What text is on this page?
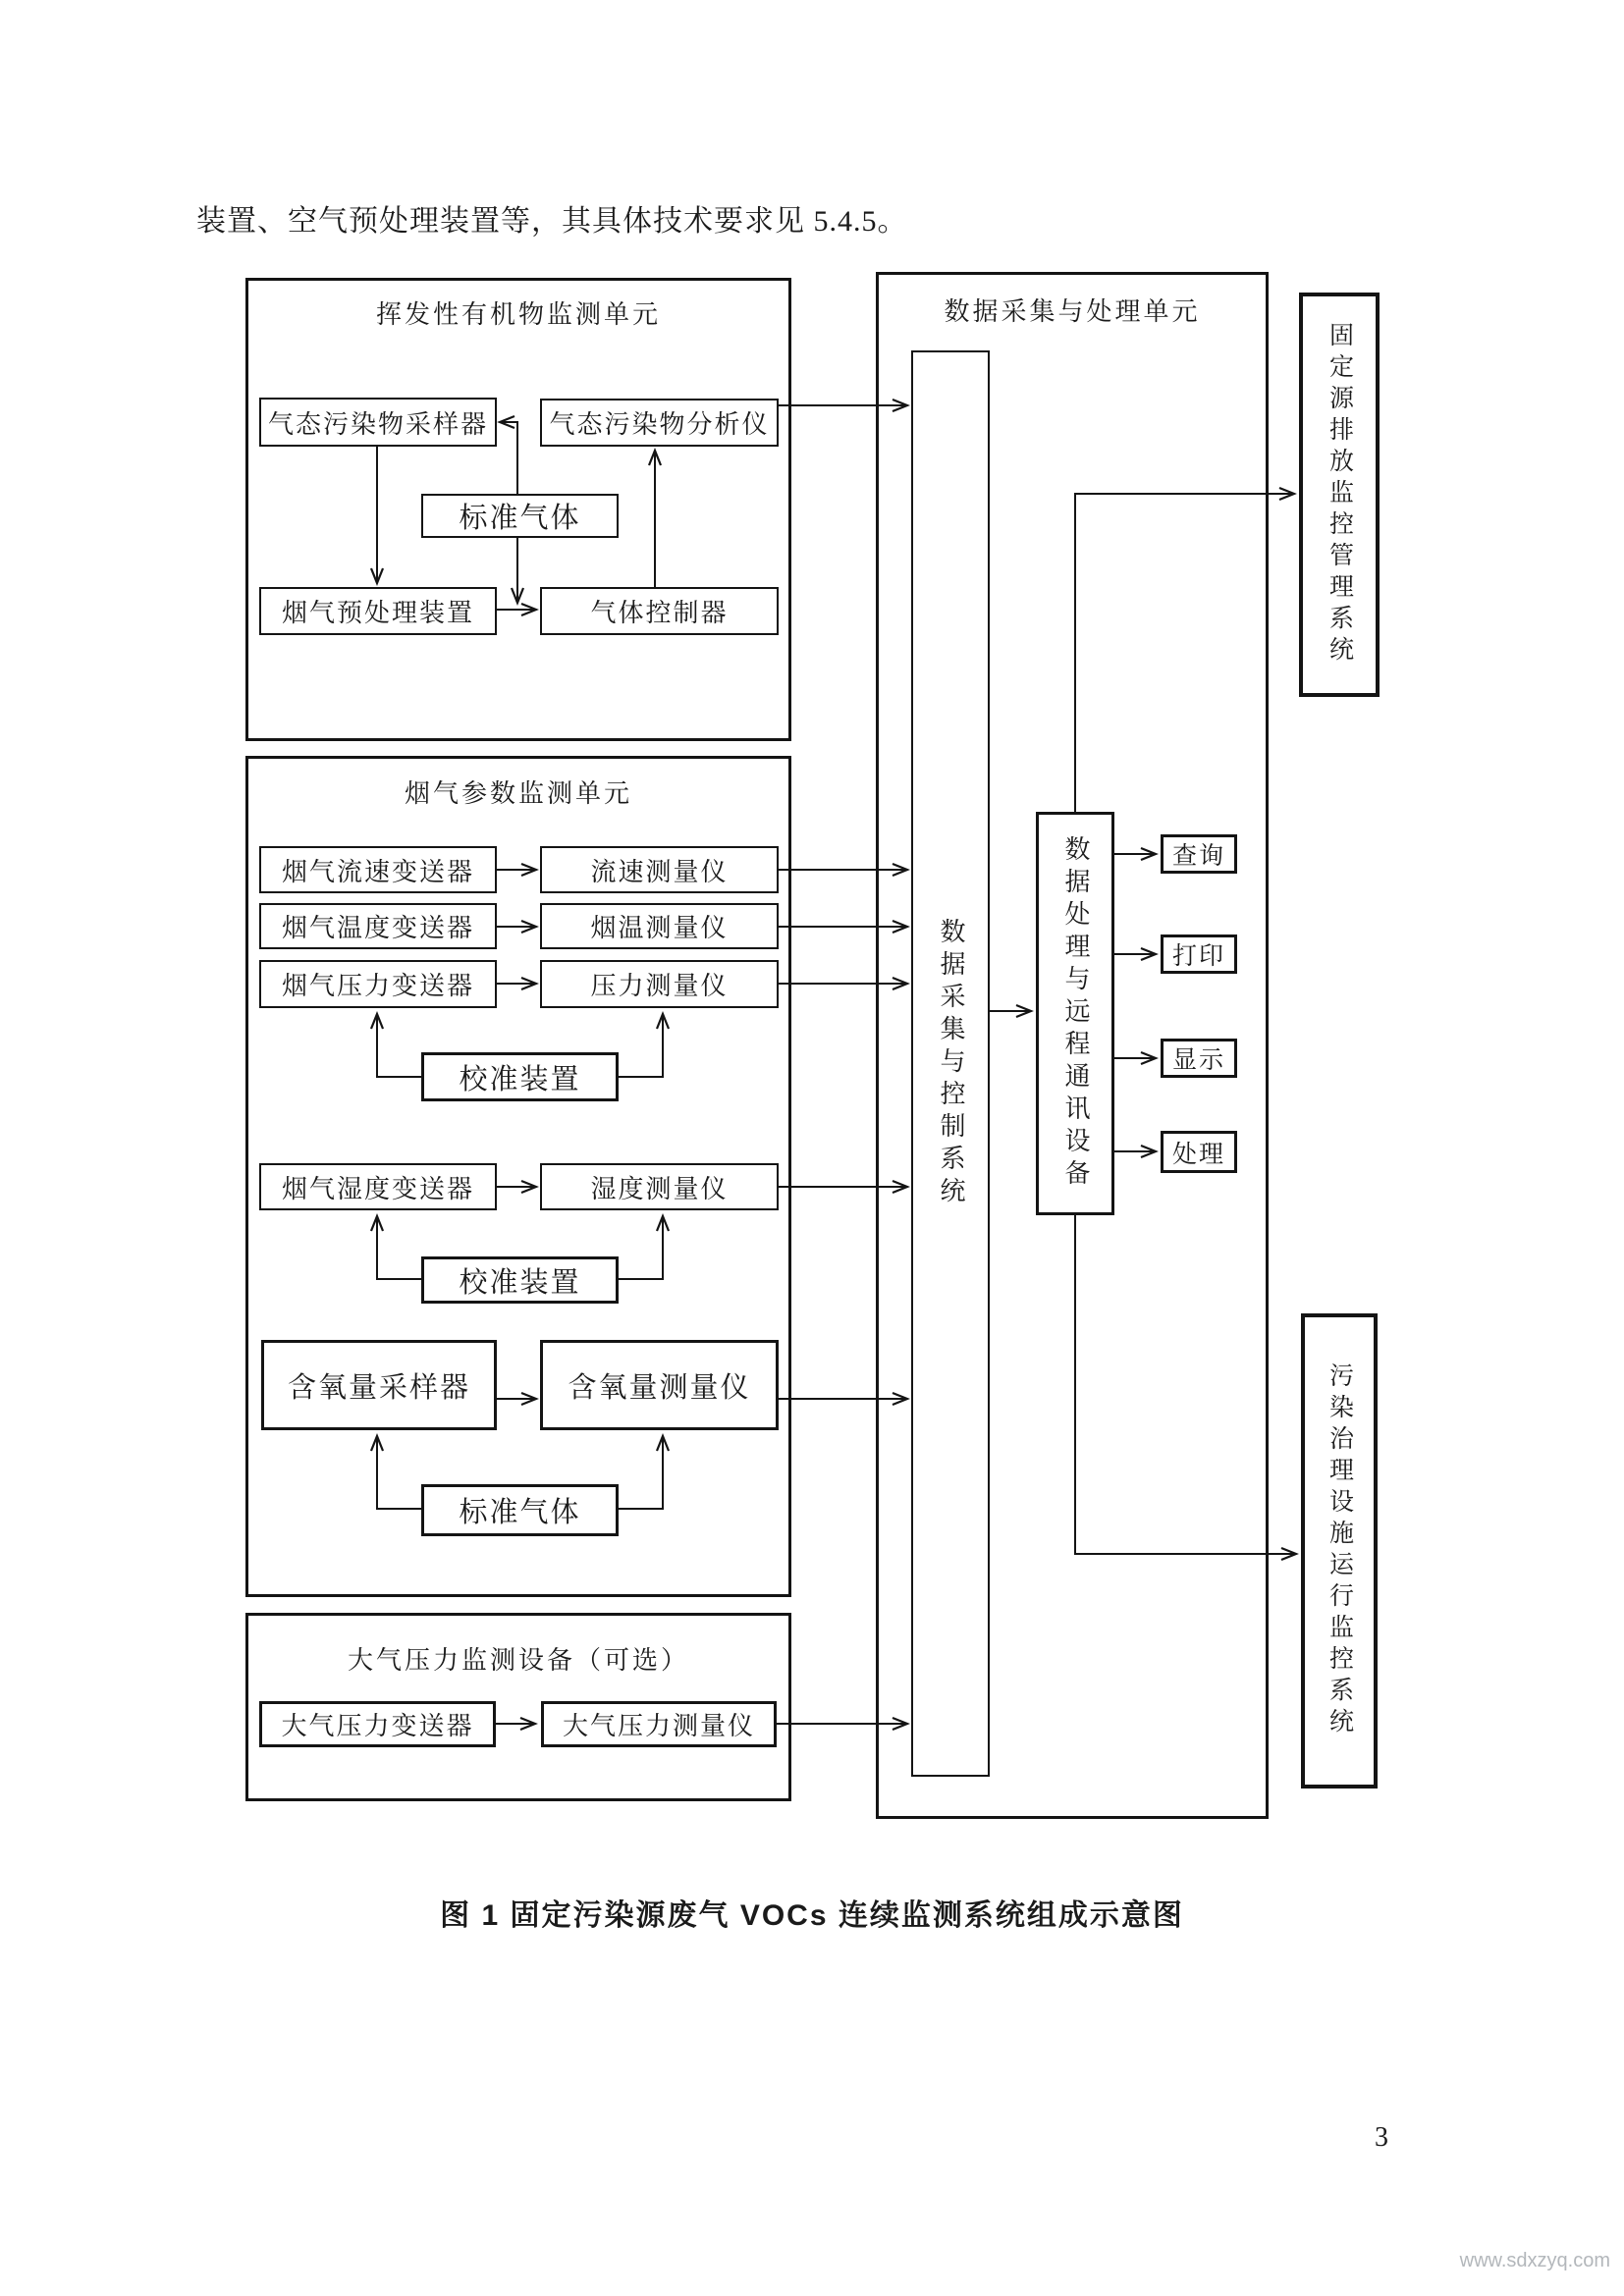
装置、空气预处理装置等，其具体技术要求见 5.4.5。
挥发性有机物监测单元
气态污染物采样器 气态污染物分析仪
标准气体
烟气预处理装置	气体控制器
烟气参数监测单元
烟气流速变送器	流速测量仪
烟气温度变送器	烟温测量仪
烟气压力变送器	压力测量仪
校准装置
烟气湿度变送器	湿度测量仪
校准装置
含氧量采样器	含氧量测量仪
标准气体
大气压力监测设备（可选）
大气压力变送器	大气压力测量仪
数据采集与处理单元
数据采集与控制系统	数据处理与远程通讯设备	查询
打印
显示
处理
固定源排放监控管理系统
污染治理设施运行监控系统
图 1 固定污染源废气 VOCs 连续监测系统组成示意图
3
www.sdxzyq.com
